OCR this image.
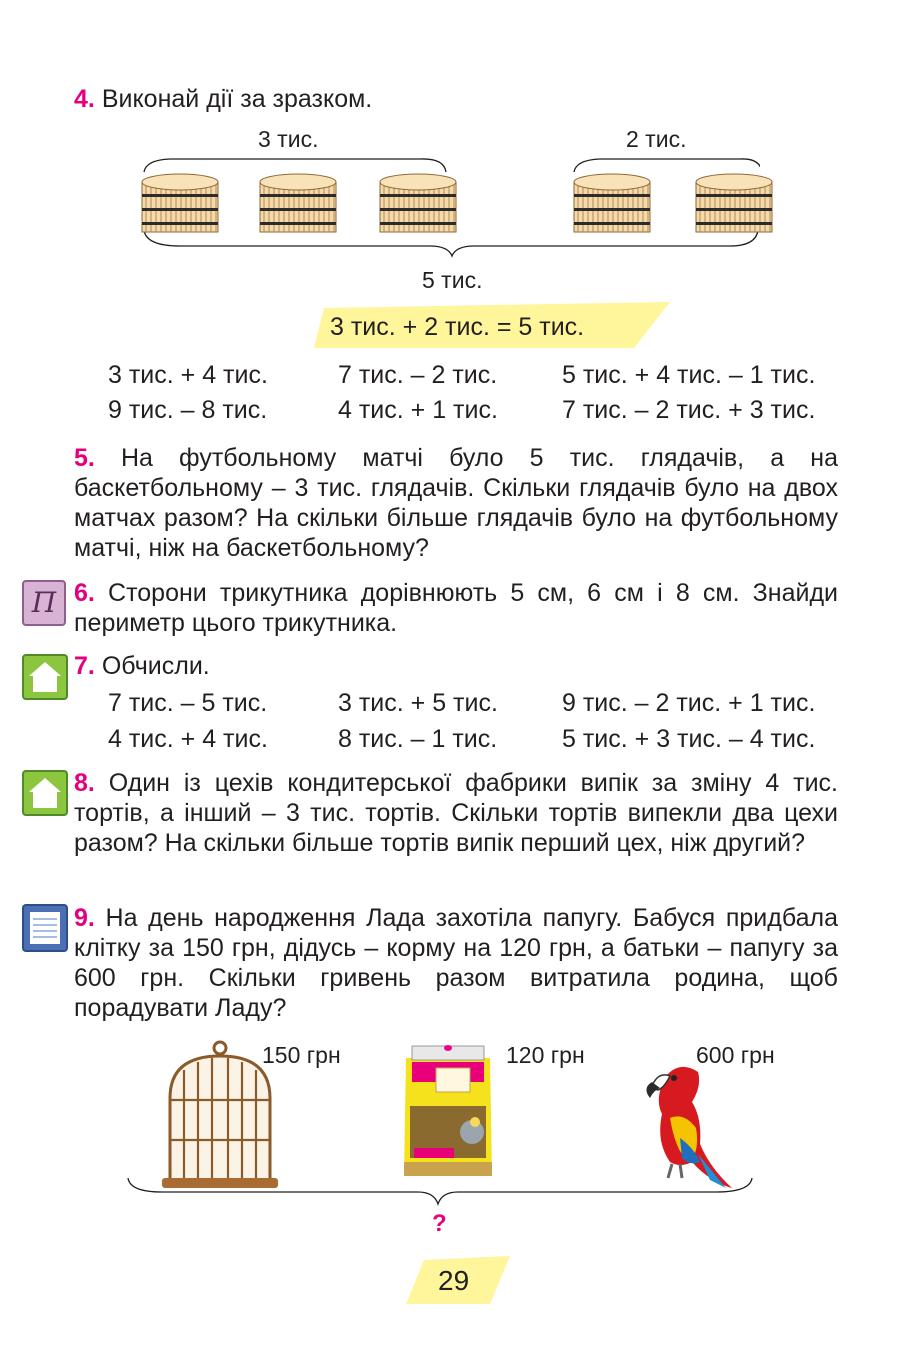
4. Виконай дії за зразком.
3 тис.	2 тис.
5 тис.
3 тис. + 2 тис. = 5 тис.
3 тис. + 4 тис.	7 тис. – 2 тис.	5 тис. + 4 тис. – 1 тис.
9 тис. – 8 тис.	4 тис. + 1 тис.	7 тис. – 2 тис. + 3 тис.
5. На футбольному матчі було 5 тис. глядачів, а на баскетбольному – 3 тис. глядачів. Скільки глядачів було на двох матчах разом? На скільки більше глядачів було на футбольному матчі, ніж на баскетбольному?
П 6. Сторони трикутника дорівнюють 5 см, 6 см і 8 см. Знайди периметр цього трикутника.
7. Обчисли.
7 тис. – 5 тис.	3 тис. + 5 тис.	9 тис. – 2 тис. + 1 тис.
4 тис. + 4 тис.	8 тис. – 1 тис.	5 тис. + 3 тис. – 4 тис.
8. Один із цехів кондитерської фабрики випік за зміну 4 тис. тортів, а інший – 3 тис. тортів. Скільки тортів випекли два цехи разом? На скільки більше тортів випік перший цех, ніж другий?
9. На день народження Лада захотіла папугу. Бабуся придбала клітку за 150 грн, дідусь – корму на 120 грн, а батьки – папугу за 600 грн. Скільки гривень разом витратила родина, щоб порадувати Ладу?
150 грн	120 грн	600 грн
?
29
